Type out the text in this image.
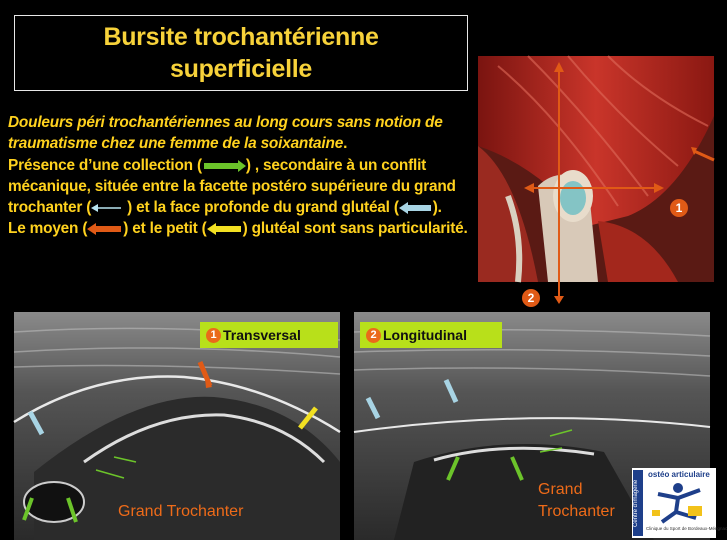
Bursite trochantérienne
superficielle
Douleurs péri trochantériennes au long cours sans notion de traumatisme chez une femme de la soixantaine.
Présence d’une collection (	) , secondaire à un conflit mécanique, située entre la facette postéro supérieure du grand trochanter ( ) et la face profonde du grand glutéal ( ).
Le moyen ( ) et le petit ( ) glutéal sont sans particularité.
1
2
1 Transversal	2 Longitudinal
Grand Trochanter
Grand
Trochanter	Centre d'imagerie
ostéo articulaire
Clinique du Sport de Bordeaux-Mérignac
